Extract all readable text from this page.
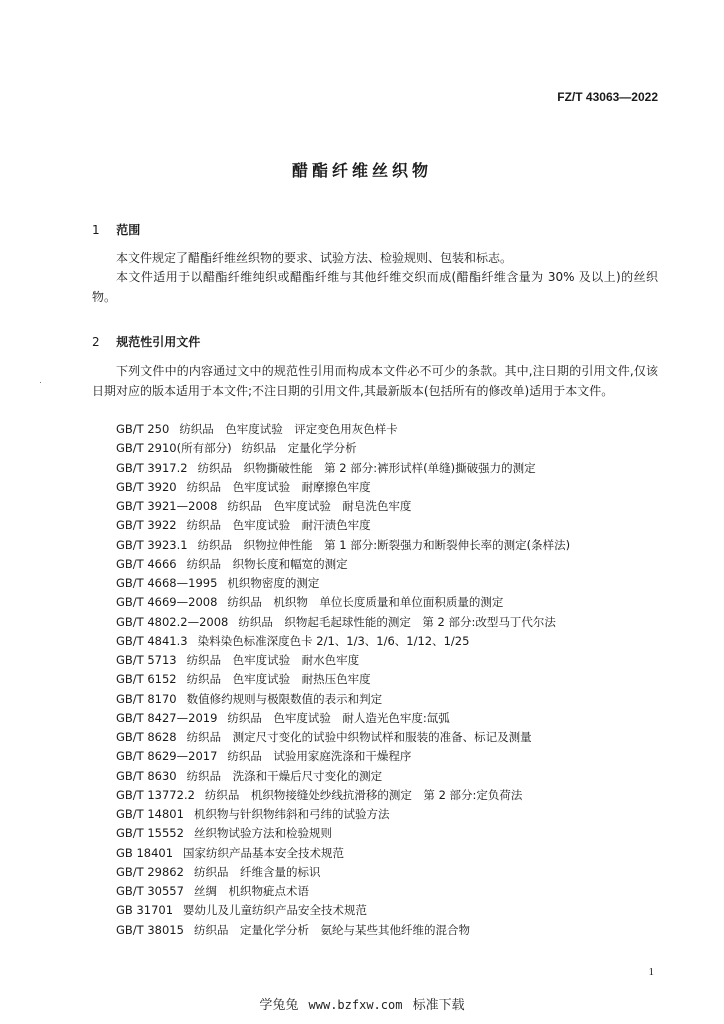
FZ/T 43063—2022
醋酯纤维丝织物
1 范围
本文件规定了醋酯纤维丝织物的要求、试验方法、检验规则、包装和标志。
本文件适用于以醋酯纤维纯织或醋酯纤维与其他纤维交织而成(醋酯纤维含量为 30% 及以上)的丝织物。
2 规范性引用文件
下列文件中的内容通过文中的规范性引用而构成本文件必不可少的条款。其中,注日期的引用文件,仅该日期对应的版本适用于本文件;不注日期的引用文件,其最新版本(包括所有的修改单)适用于本文件。
GB/T 250 纺织品　色牢度试验　评定变色用灰色样卡
GB/T 2910(所有部分) 纺织品　定量化学分析
GB/T 3917.2 纺织品　织物撕破性能　第 2 部分:裤形试样(单缝)撕破强力的测定
GB/T 3920 纺织品　色牢度试验　耐摩擦色牢度
GB/T 3921—2008 纺织品　色牢度试验　耐皂洗色牢度
GB/T 3922 纺织品　色牢度试验　耐汗渍色牢度
GB/T 3923.1 纺织品　织物拉伸性能　第 1 部分:断裂强力和断裂伸长率的测定(条样法)
GB/T 4666 纺织品　织物长度和幅宽的测定
GB/T 4668—1995 机织物密度的测定
GB/T 4669—2008 纺织品　机织物　单位长度质量和单位面积质量的测定
GB/T 4802.2—2008 纺织品　织物起毛起球性能的测定　第 2 部分:改型马丁代尔法
GB/T 4841.3 染料染色标准深度色卡 2/1、1/3、1/6、1/12、1/25
GB/T 5713 纺织品　色牢度试验　耐水色牢度
GB/T 6152 纺织品　色牢度试验　耐热压色牢度
GB/T 8170 数值修约规则与极限数值的表示和判定
GB/T 8427—2019 纺织品　色牢度试验　耐人造光色牢度:氙弧
GB/T 8628 纺织品　测定尺寸变化的试验中织物试样和服装的准备、标记及测量
GB/T 8629—2017 纺织品　试验用家庭洗涤和干燥程序
GB/T 8630 纺织品　洗涤和干燥后尺寸变化的测定
GB/T 13772.2 纺织品　机织物接缝处纱线抗滑移的测定　第 2 部分:定负荷法
GB/T 14801 机织物与针织物纬斜和弓纬的试验方法
GB/T 15552 丝织物试验方法和检验规则
GB 18401 国家纺织产品基本安全技术规范
GB/T 29862 纺织品　纤维含量的标识
GB/T 30557 丝绸　机织物疵点术语
GB 31701 婴幼儿及儿童纺织产品安全技术规范
GB/T 38015 纺织品　定量化学分析　氨纶与某些其他纤维的混合物
1
学兔兔 www.bzfxw.com 标准下载
